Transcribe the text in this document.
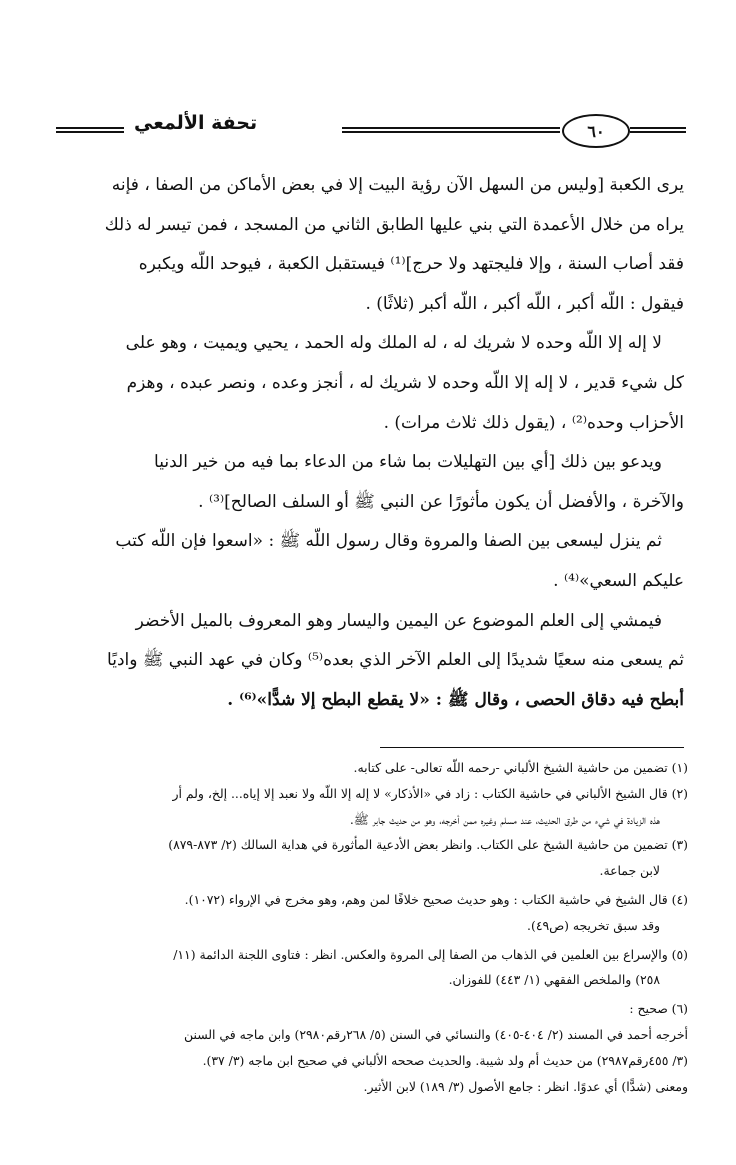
٦٠
تحفة الألمعي

يرى الكعبة [وليس من السهل الآن رؤية البيت إلا في بعض الأماكن من الصفا ، فإنه
يراه من خلال الأعمدة التي بني عليها الطابق الثاني من المسجد ، فمن تيسر له ذلك
فقد أصاب السنة ، وإلا فليجتهد ولا حرج]⁽¹⁾ فيستقبل الكعبة ، فيوحد اللّه ويكبره
فيقول : اللّه أكبر ، اللّه أكبر ، اللّه أكبر (ثلاثًا) .

لا إله إلا اللّه وحده لا شريك له ، له الملك وله الحمد ، يحيي ويميت ، وهو على
كل شيء قدير ، لا إله إلا اللّه وحده لا شريك له ، أنجز وعده ، ونصر عبده ، وهزم
الأحزاب وحده⁽²⁾ ، (يقول ذلك ثلاث مرات) .

ويدعو بين ذلك [أي بين التهليلات بما شاء من الدعاء بما فيه من خير الدنيا
والآخرة ، والأفضل أن يكون مأثورًا عن النبي ﷺ أو السلف الصالح]⁽³⁾ .

ثم ينزل ليسعى بين الصفا والمروة وقال رسول اللّه ﷺ : «اسعوا فإن اللّه كتب
عليكم السعي»⁽⁴⁾ .

فيمشي إلى العلم الموضوع عن اليمين واليسار وهو المعروف بالميل الأخضر
ثم يسعى منه سعيًا شديدًا إلى العلم الآخر الذي بعده⁽⁵⁾ وكان في عهد النبي ﷺ واديًا
أبطح فيه دقاق الحصى ، وقال ﷺ : «لا يقطع البطح إلا شدًّا»⁽⁶⁾ .

(١) تضمين من حاشية الشيخ الألباني -رحمه اللّه تعالى- على كتابه.
(٢) قال الشيخ الألباني في حاشية الكتاب : زاد في «الأذكار» لا إله إلا اللّه ولا نعبد إلا إياه... إلخ، ولم أر
هذه الزيادة في شيء من طرق الحديث، عند مسلم وغيره ممن أخرجه، وهو من حديث جابر ﷺ.
(٣) تضمين من حاشية الشيخ على الكتاب. وانظر بعض الأدعية المأثورة في هداية السالك (٢/ ٨٧٣-٨٧٩)
لابن جماعة.
(٤) قال الشيخ في حاشية الكتاب : وهو حديث صحيح خلافًا لمن وهم، وهو مخرج في الإرواء (١٠٧٢).
وقد سبق تخريجه (ص٤٩).
(٥) والإسراع بين العلمين في الذهاب من الصفا إلى المروة والعكس. انظر : فتاوى اللجنة الدائمة (١١/
٢٥٨) والملخص الفقهي (١/ ٤٤٣) للفوزان.
(٦) صحيح :
أخرجه أحمد في المسند (٢/ ٤٠٤-٤٠٥) والنسائي في السنن (٥/ ٢٦٨رقم٢٩٨٠) وابن ماجه في السنن
(٣/ ٤٥٥رقم٢٩٨٧) من حديث أم ولد شيبة. والحديث صححه الألباني في صحيح ابن ماجه (٣/ ٣٧).
ومعنى (شدًّا) أي عدوًا. انظر : جامع الأصول (٣/ ١٨٩) لابن الأثير.
